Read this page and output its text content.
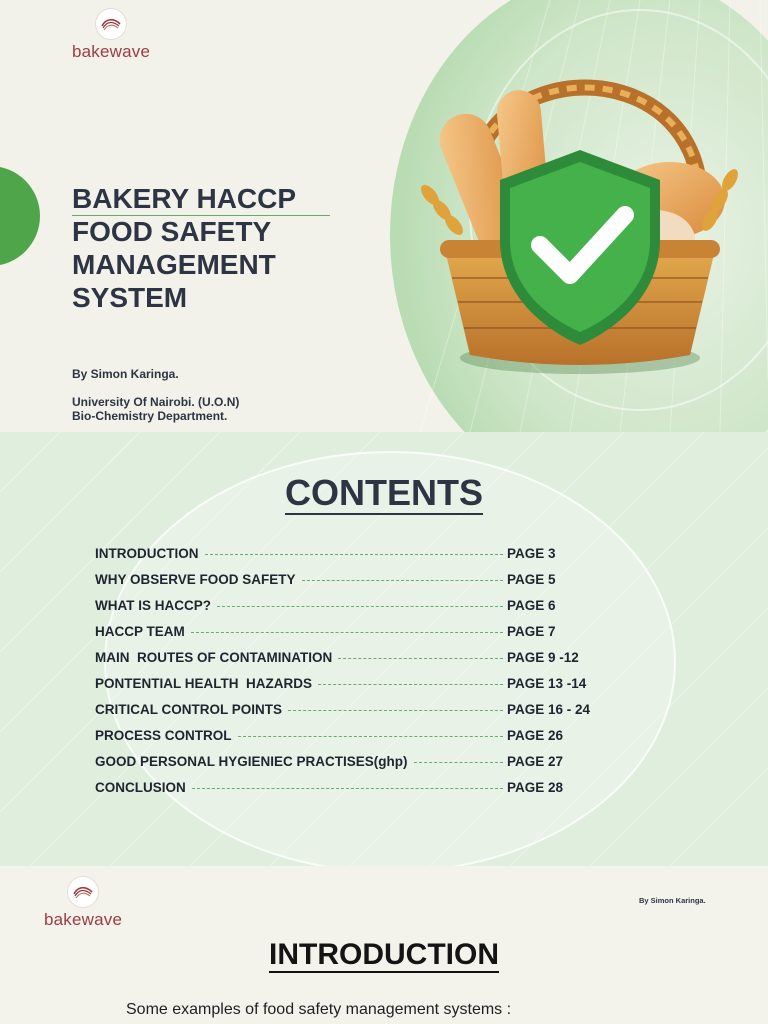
bakewave
BAKERY HACCP FOOD SAFETY MANAGEMENT SYSTEM
By Simon Karinga.
University Of Nairobi. (U.O.N)
Bio-Chemistry Department.
CONTENTS
INTRODUCTION	PAGE 3
WHY OBSERVE FOOD SAFETY	PAGE 5
WHAT IS HACCP?	PAGE 6
HACCP TEAM	PAGE 7
MAIN  ROUTES OF CONTAMINATION	PAGE 9 -12
PONTENTIAL HEALTH  HAZARDS	PAGE 13 -14
CRITICAL CONTROL POINTS	PAGE 16 - 24
PROCESS CONTROL	PAGE 26
GOOD PERSONAL HYGIENIEC PRACTISES(ghp)	PAGE 27
CONCLUSION	PAGE 28
bakewave
By Simon Karinga.
INTRODUCTION
Some examples of food safety management systems :
